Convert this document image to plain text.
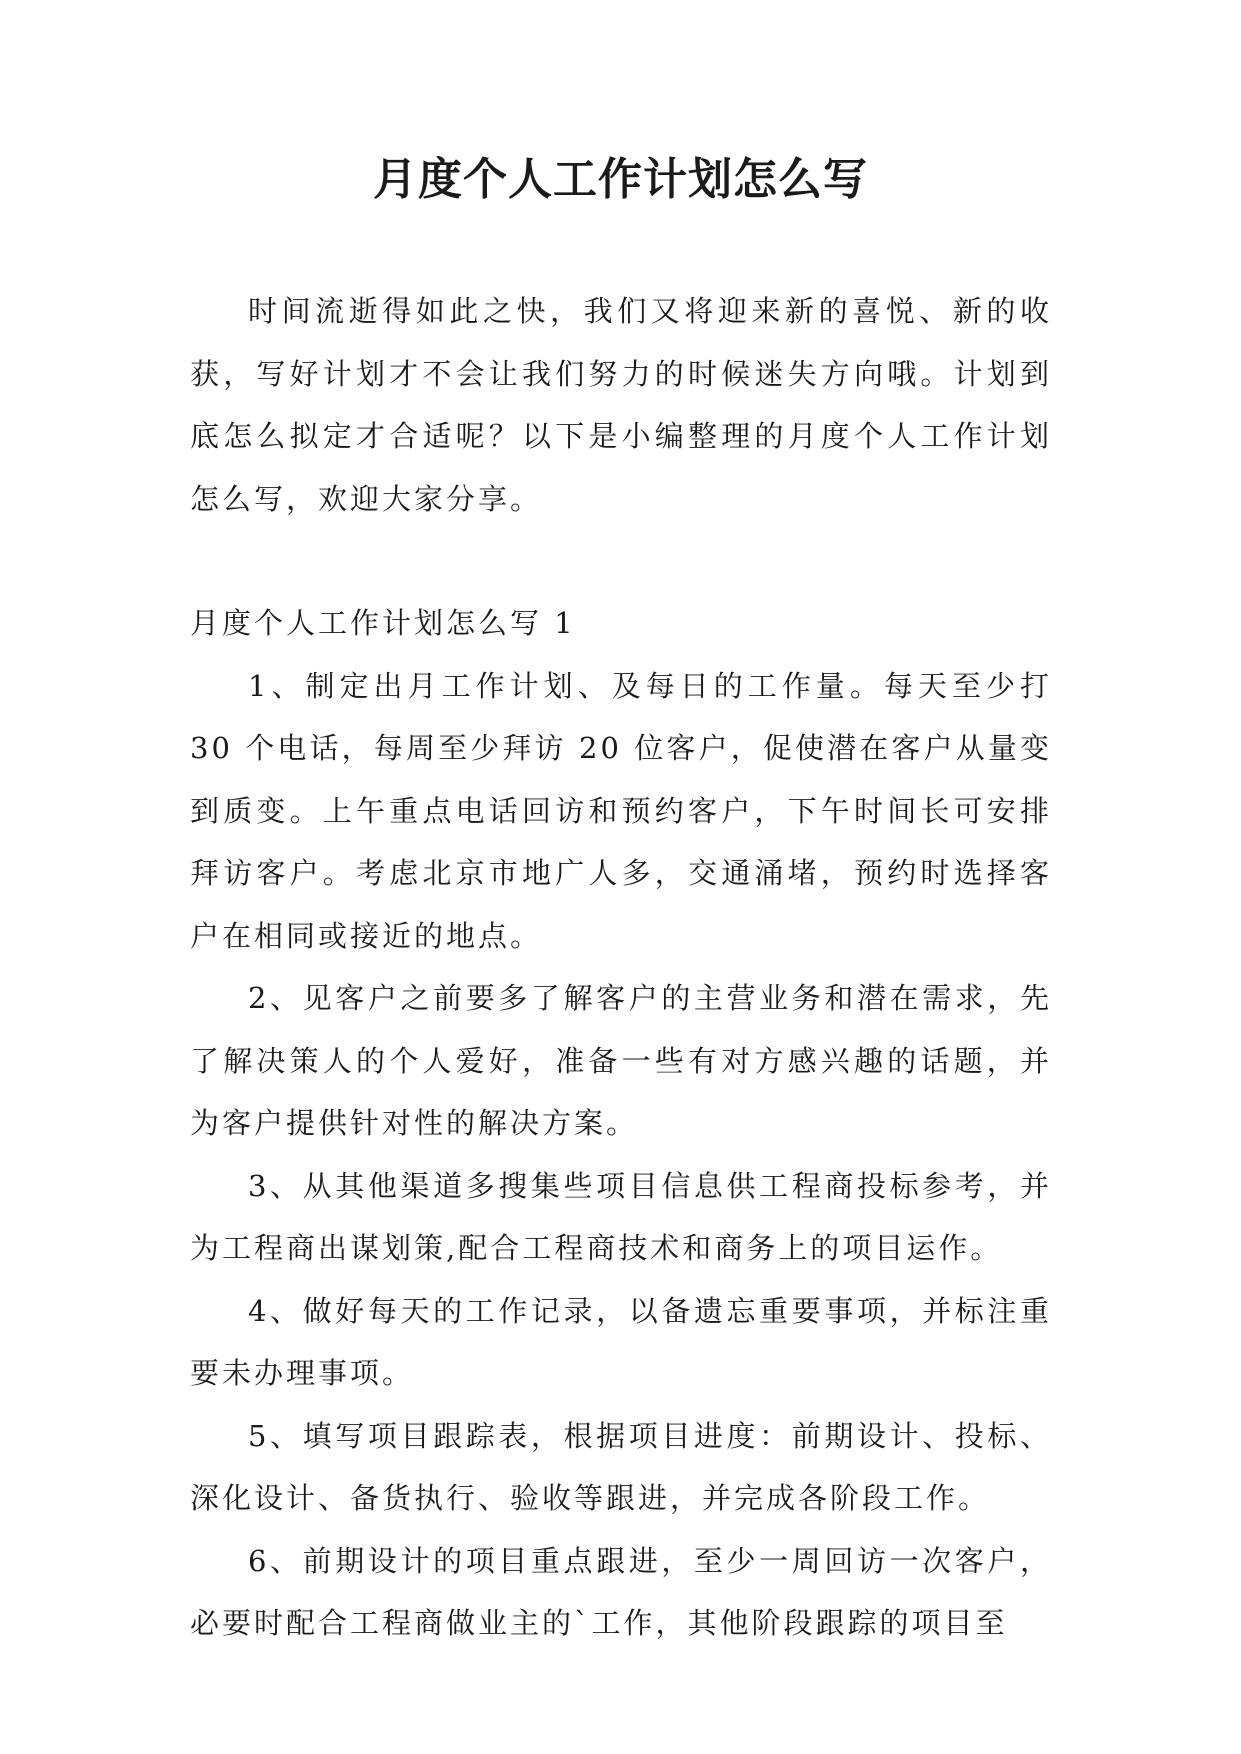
月度个人工作计划怎么写

时间流逝得如此之快，我们又将迎来新的喜悦、新的收获，写好计划才不会让我们努力的时候迷失方向哦。计划到底怎么拟定才合适呢？以下是小编整理的月度个人工作计划怎么写，欢迎大家分享。

月度个人工作计划怎么写 1

1、制定出月工作计划、及每日的工作量。每天至少打 30 个电话，每周至少拜访 20 位客户，促使潜在客户从量变到质变。上午重点电话回访和预约客户，下午时间长可安排拜访客户。考虑北京市地广人多，交通涌堵，预约时选择客户在相同或接近的地点。

2、见客户之前要多了解客户的主营业务和潜在需求，先了解决策人的个人爱好，准备一些有对方感兴趣的话题，并为客户提供针对性的解决方案。

3、从其他渠道多搜集些项目信息供工程商投标参考，并为工程商出谋划策,配合工程商技术和商务上的项目运作。

4、做好每天的工作记录，以备遗忘重要事项，并标注重要未办理事项。

5、填写项目跟踪表，根据项目进度：前期设计、投标、深化设计、备货执行、验收等跟进，并完成各阶段工作。

6、前期设计的项目重点跟进，至少一周回访一次客户，必要时配合工程商做业主的`工作，其他阶段跟踪的项目至
